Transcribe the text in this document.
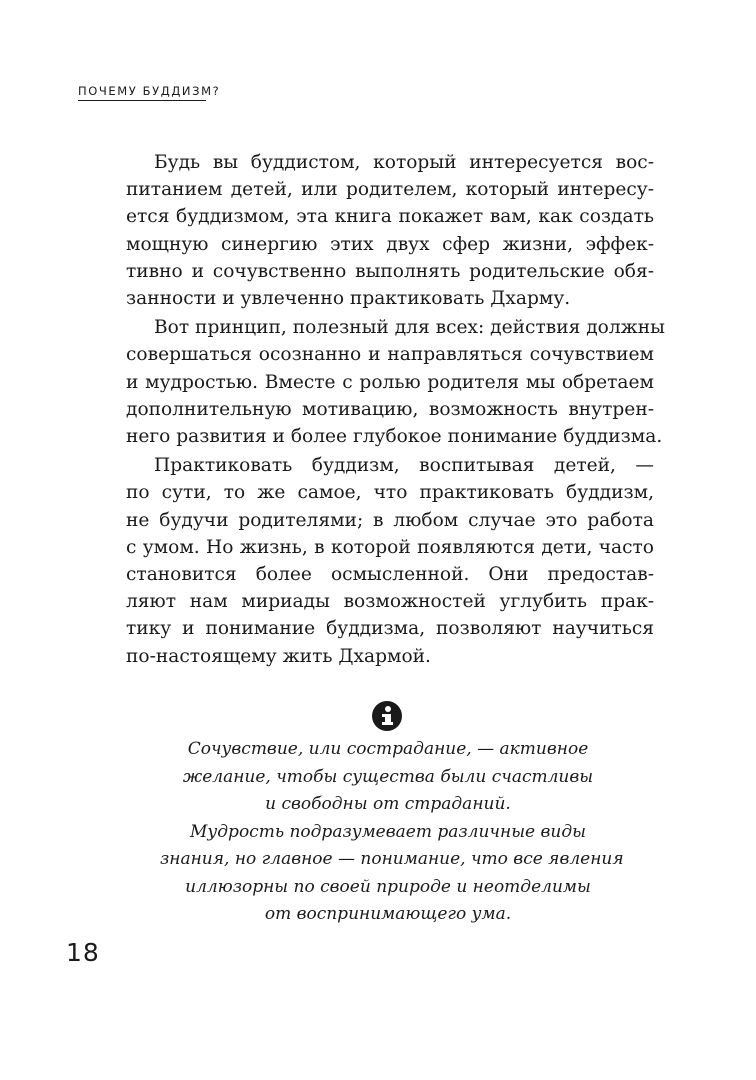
ПОЧЕМУ БУДДИЗМ?
Будь вы буддистом, который интересуется вос-
питанием детей, или родителем, который интересу-
ется буддизмом, эта книга покажет вам, как создать
мощную синергию этих двух сфер жизни, эффек-
тивно и сочувственно выполнять родительские обя-
занности и увлеченно практиковать Дхарму.
Вот принцип, полезный для всех: действия должны
совершаться осознанно и направляться сочувствием
и мудростью. Вместе с ролью родителя мы обретаем
дополнительную мотивацию, возможность внутрен-
него развития и более глубокое понимание буддизма.
Практиковать буддизм, воспитывая детей, —
по сути, то же самое, что практиковать буддизм,
не будучи родителями; в любом случае это работа
с умом. Но жизнь, в которой появляются дети, часто
становится более осмысленной. Они предостав-
ляют нам мириады возможностей углубить прак-
тику и понимание буддизма, позволяют научиться
по-настоящему жить Дхармой.
Сочувствие, или сострадание, — активное
желание, чтобы существа были счастливы
и свободны от страданий.
Мудрость подразумевает различные виды
знания, но главное — понимание, что все явления
иллюзорны по своей природе и неотделимы
от воспринимающего ума.
18
